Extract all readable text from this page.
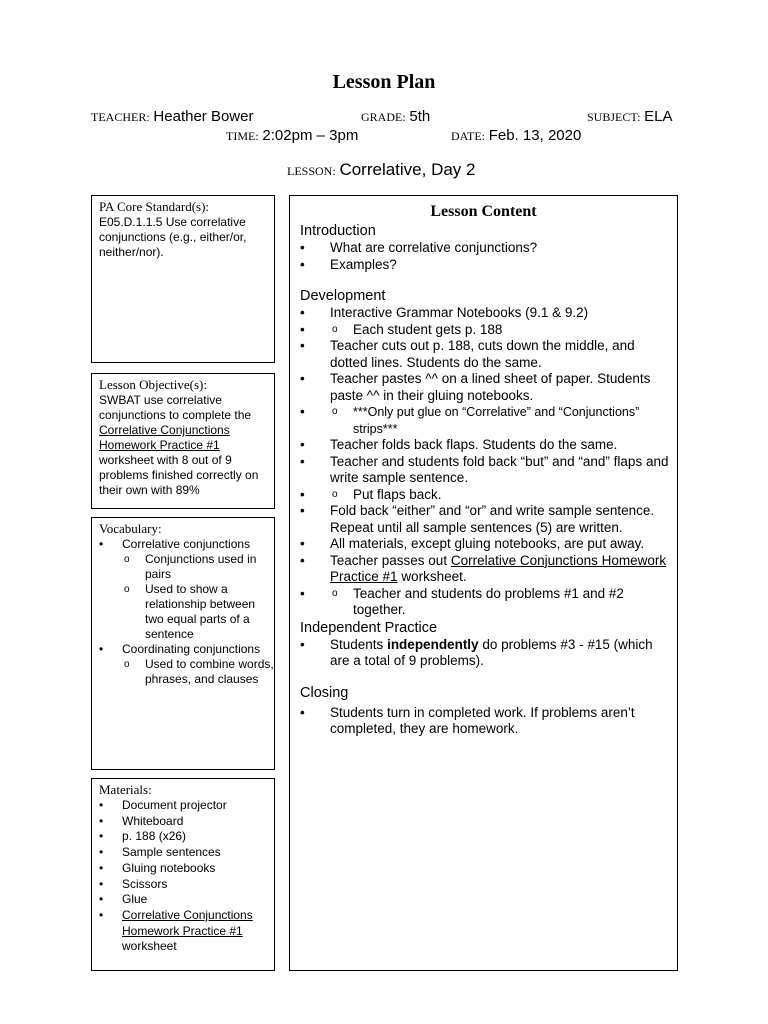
Lesson Plan
TEACHER: Heather Bower	GRADE: 5th	SUBJECT: ELA
TIME: 2:02pm – 3pm	DATE: Feb. 13, 2020
LESSON: Correlative, Day 2
PA Core Standard(s):
E05.D.1.1.5 Use correlative conjunctions (e.g., either/or, neither/nor).
Lesson Objective(s):
SWBAT use correlative conjunctions to complete the Correlative Conjunctions Homework Practice #1 worksheet with 8 out of 9 problems finished correctly on their own with 89%
Vocabulary:
• Correlative conjunctions
o Conjunctions used in pairs
o Used to show a relationship between two equal parts of a sentence
• Coordinating conjunctions
o Used to combine words, phrases, and clauses
Materials:
• Document projector
• Whiteboard
• p. 188 (x26)
• Sample sentences
• Gluing notebooks
• Scissors
• Glue
• Correlative Conjunctions Homework Practice #1 worksheet
Lesson Content
Introduction
• What are correlative conjunctions?
• Examples?
Development
• Interactive Grammar Notebooks (9.1 & 9.2)
o • Each student gets p. 188
• Teacher cuts out p. 188, cuts down the middle, and dotted lines. Students do the same.
• Teacher pastes ^^ on a lined sheet of paper. Students paste ^^ in their gluing notebooks.
o • ***Only put glue on “Correlative” and “Conjunctions” strips***
• Teacher folds back flaps. Students do the same.
• Teacher and students fold back “but” and “and” flaps and write sample sentence.
o • Put flaps back.
• Fold back “either” and “or” and write sample sentence. Repeat until all sample sentences (5) are written.
• All materials, except gluing notebooks, are put away.
• Teacher passes out Correlative Conjunctions Homework Practice #1 worksheet.
o • Teacher and students do problems #1 and #2 together.
Independent Practice
• Students independently do problems #3 - #15 (which are a total of 9 problems).
Closing
• Students turn in completed work. If problems aren’t completed, they are homework.
